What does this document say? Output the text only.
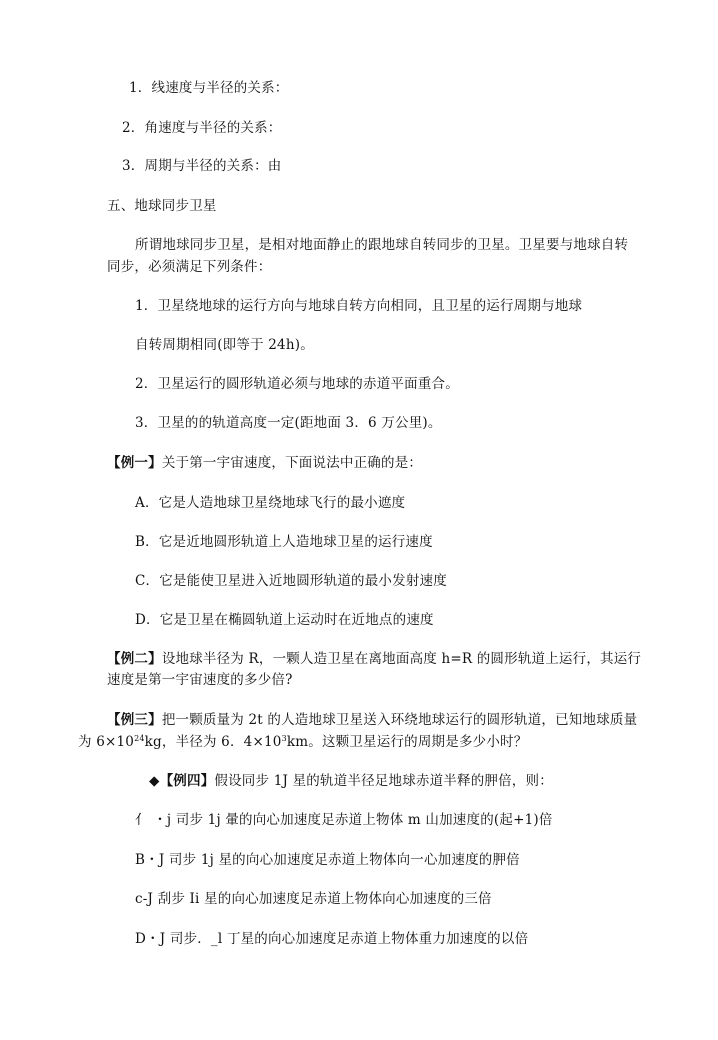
1．线速度与半径的关系：
2．角速度与半径的关系：
3．周期与半径的关系：由
五、地球同步卫星
所谓地球同步卫星，是相对地面静止的跟地球自转同步的卫星。卫星要与地球自转
同步，必须满足下列条件：
1．卫星绕地球的运行方向与地球自转方向相同，且卫星的运行周期与地球
自转周期相同(即等于 24h)。
2．卫星运行的圆形轨道必须与地球的赤道平面重合。
3．卫星的的轨道高度一定(距地面 3．6 万公里)。
【例一】关于第一宇宙速度，下面说法中正确的是：
A．它是人造地球卫星绕地球飞行的最小遮度
B．它是近地圆形轨道上人造地球卫星的运行速度
C．它是能使卫星进入近地圆形轨道的最小发射速度
D．它是卫星在椭圆轨道上运动时在近地点的速度
【例二】设地球半径为 R，一颗人造卫星在离地面高度 h=R 的圆形轨道上运行，其运行
速度是第一宇宙速度的多少倍?
【例三】把一颗质量为 2t 的人造地球卫星送入环绕地球运行的圆形轨道，已知地球质量
为 $6\times 10^{24}kg$，半径为 6．$4\times 10^3km$。这颗卫星运行的周期是多少小时？
◆【例四】假设同步 1J 星的轨道半径足地球赤道半释的胛倍，则：
亻 ・j 司步 1j 暈的向心加速度足赤道上物体 m 山加速度的(起+1)倍
B・J 司步 1j 星的向心加速度足赤道上物体向一心加速度的胛倍
c-J 刮步 Ii 星的向心加速度足赤道上物体向心加速度的三倍
D・J 司步．_l 丁星的向心加速度足赤道上物体重力加速度的以倍
